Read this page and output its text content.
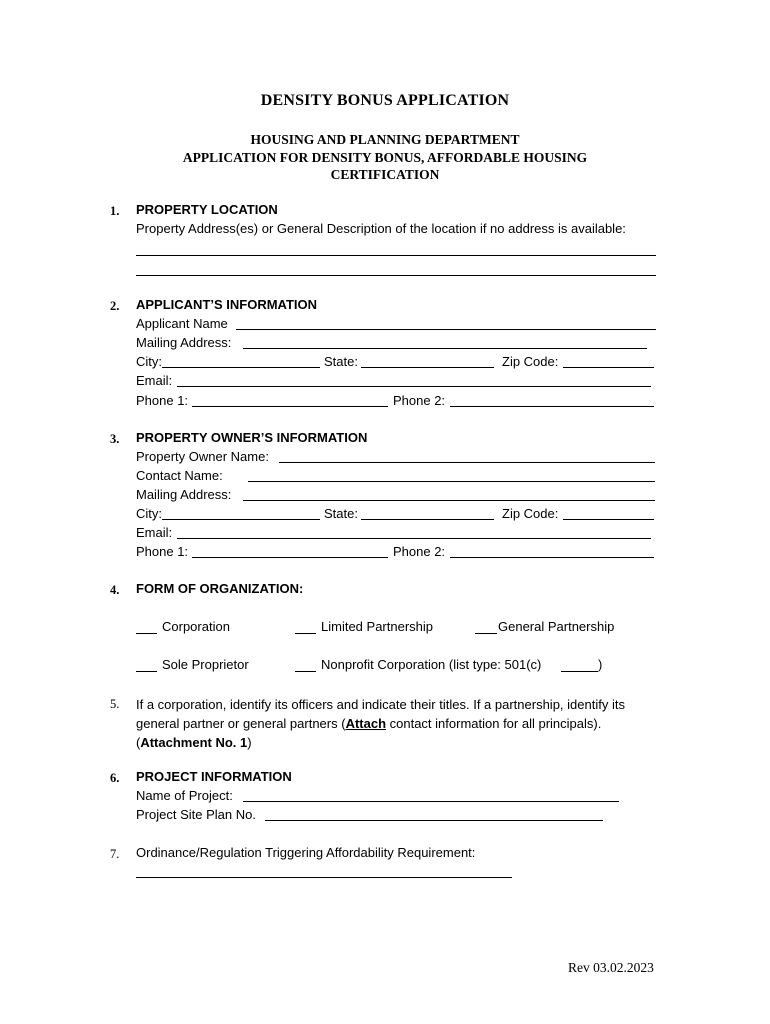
DENSITY BONUS APPLICATION
HOUSING AND PLANNING DEPARTMENT
APPLICATION FOR DENSITY BONUS, AFFORDABLE HOUSING
CERTIFICATION
1. PROPERTY LOCATION
Property Address(es) or General Description of the location if no address is available:
2. APPLICANT’S INFORMATION
Applicant Name
Mailing Address:
City:	State:	Zip Code:
Email:
Phone 1:	Phone 2:
3. PROPERTY OWNER’S INFORMATION
Property Owner Name:
Contact Name:
Mailing Address:
City:	State:	Zip Code:
Email:
Phone 1:	Phone 2:
4. FORM OF ORGANIZATION:
Corporation	Limited Partnership	General Partnership
Sole Proprietor	Nonprofit Corporation (list type: 501(c)	)
5. If a corporation, identify its officers and indicate their titles. If a partnership, identify its general partner or general partners (Attach contact information for all principals). (Attachment No. 1)
6. PROJECT INFORMATION
Name of Project:
Project Site Plan No.
7. Ordinance/Regulation Triggering Affordability Requirement:
Rev 03.02.2023
